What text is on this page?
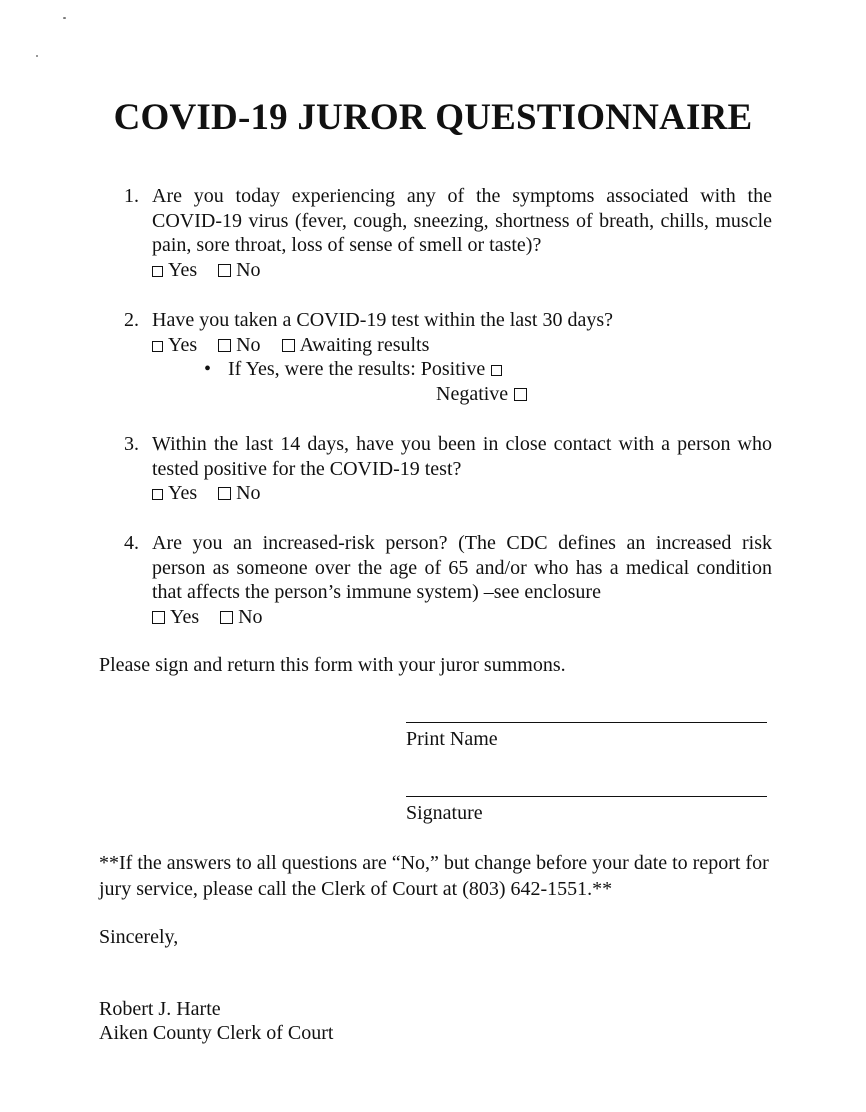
COVID-19 JUROR QUESTIONNAIRE
1. Are you today experiencing any of the symptoms associated with the COVID-19 virus (fever, cough, sneezing, shortness of breath, chills, muscle pain, sore throat, loss of sense of smell or taste)?
Yes No
2. Have you taken a COVID-19 test within the last 30 days?
Yes No Awaiting results
• If Yes, were the results: Positive
Negative
3. Within the last 14 days, have you been in close contact with a person who tested positive for the COVID-19 test?
Yes No
4. Are you an increased-risk person? (The CDC defines an increased risk person as someone over the age of 65 and/or who has a medical condition that affects the person’s immune system) –see enclosure
Yes No

Please sign and return this form with your juror summons.

Print Name
Signature

**If the answers to all questions are “No,” but change before your date to report for jury service, please call the Clerk of Court at (803) 642-1551.**

Sincerely,

Robert J. Harte

Aiken County Clerk of Court
